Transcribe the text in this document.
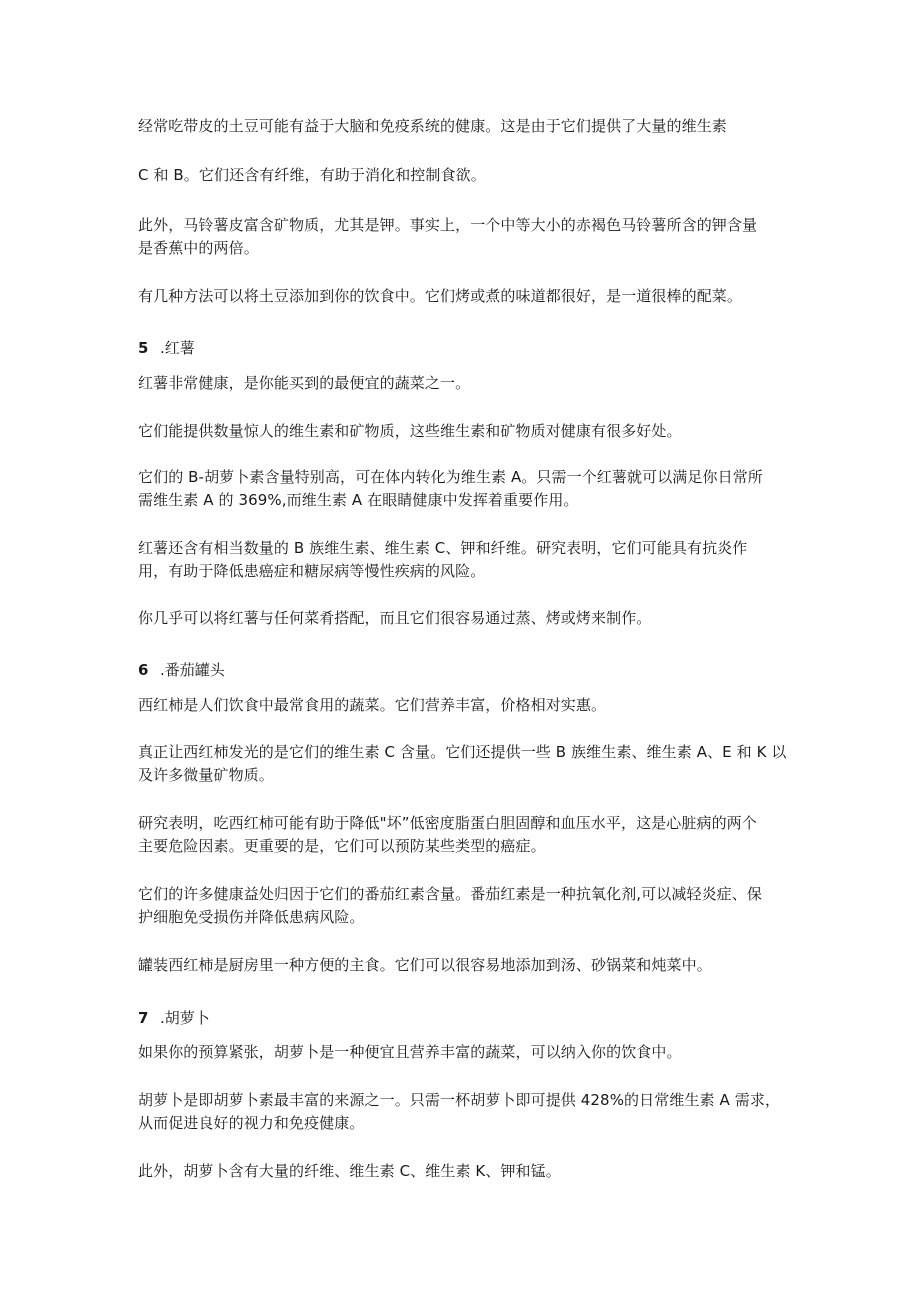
经常吃带皮的土豆可能有益于大脑和免疫系统的健康。这是由于它们提供了大量的维生素
C 和 B。它们还含有纤维，有助于消化和控制食欲。
此外，马铃薯皮富含矿物质，尤其是钾。事实上，一个中等大小的赤褐色马铃薯所含的钾含量
是香蕉中的两倍。
有几种方法可以将土豆添加到你的饮食中。它们烤或煮的味道都很好，是一道很棒的配菜。
5 .红薯
红薯非常健康，是你能买到的最便宜的蔬菜之一。
它们能提供数量惊人的维生素和矿物质，这些维生素和矿物质对健康有很多好处。
它们的 B-胡萝卜素含量特别高，可在体内转化为维生素 A。只需一个红薯就可以满足你日常所
需维生素 A 的 369%,而维生素 A 在眼睛健康中发挥着重要作用。
红薯还含有相当数量的 B 族维生素、维生素 C、钾和纤维。研究表明，它们可能具有抗炎作
用，有助于降低患癌症和糖尿病等慢性疾病的风险。
你几乎可以将红薯与任何菜肴搭配，而且它们很容易通过蒸、烤或烤来制作。
6 .番茄罐头
西红柿是人们饮食中最常食用的蔬菜。它们营养丰富，价格相对实惠。
真正让西红柿发光的是它们的维生素 C 含量。它们还提供一些 B 族维生素、维生素 A、E 和 K 以
及许多微量矿物质。
研究表明，吃西红柿可能有助于降低"坏”低密度脂蛋白胆固醇和血压水平，这是心脏病的两个
主要危险因素。更重要的是，它们可以预防某些类型的癌症。
它们的许多健康益处归因于它们的番茄红素含量。番茄红素是一种抗氧化剂,可以减轻炎症、保
护细胞免受损伤并降低患病风险。
罐装西红柿是厨房里一种方便的主食。它们可以很容易地添加到汤、砂锅菜和炖菜中。
7 .胡萝卜
如果你的预算紧张，胡萝卜是一种便宜且营养丰富的蔬菜，可以纳入你的饮食中。
胡萝卜是即胡萝卜素最丰富的来源之一。只需一杯胡萝卜即可提供 428%的日常维生素 A 需求，
从而促进良好的视力和免疫健康。
此外，胡萝卜含有大量的纤维、维生素 C、维生素 K、钾和锰。
